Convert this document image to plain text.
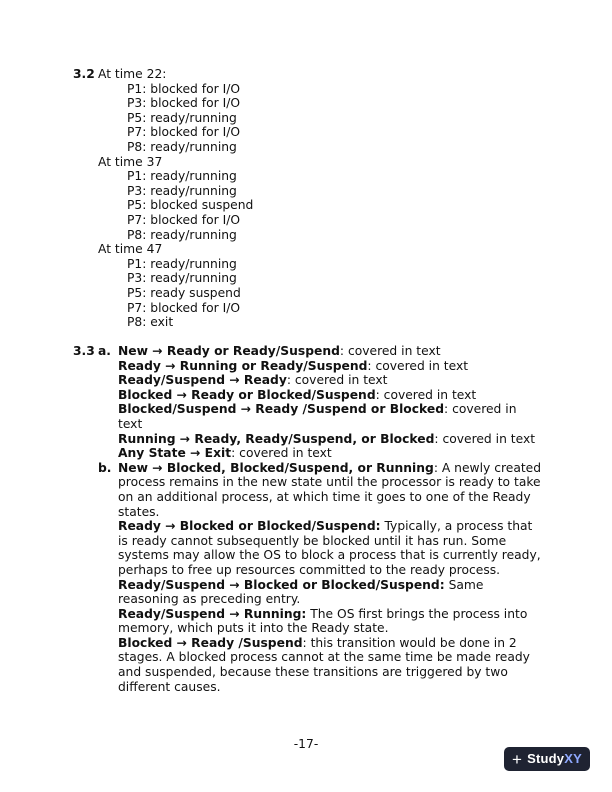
3.2 At time 22:
P1: blocked for I/O
P3: blocked for I/O
P5: ready/running
P7: blocked for I/O
P8: ready/running
At time 37
P1: ready/running
P3: ready/running
P5: blocked suspend
P7: blocked for I/O
P8: ready/running
At time 47
P1: ready/running
P3: ready/running
P5: ready suspend
P7: blocked for I/O
P8: exit
3.3 a. New → Ready or Ready/Suspend: covered in text
Ready → Running or Ready/Suspend: covered in text
Ready/Suspend → Ready: covered in text
Blocked → Ready or Blocked/Suspend: covered in text
Blocked/Suspend → Ready /Suspend or Blocked: covered in text
Running → Ready, Ready/Suspend, or Blocked: covered in text
Any State → Exit: covered in text
b. New → Blocked, Blocked/Suspend, or Running: A newly created process remains in the new state until the processor is ready to take on an additional process, at which time it goes to one of the Ready states.
Ready → Blocked or Blocked/Suspend: Typically, a process that is ready cannot subsequently be blocked until it has run. Some systems may allow the OS to block a process that is currently ready, perhaps to free up resources committed to the ready process.
Ready/Suspend → Blocked or Blocked/Suspend: Same reasoning as preceding entry.
Ready/Suspend → Running: The OS first brings the process into memory, which puts it into the Ready state.
Blocked → Ready /Suspend: this transition would be done in 2 stages. A blocked process cannot at the same time be made ready and suspended, because these transitions are triggered by two different causes.
-17-
+ Study XY
